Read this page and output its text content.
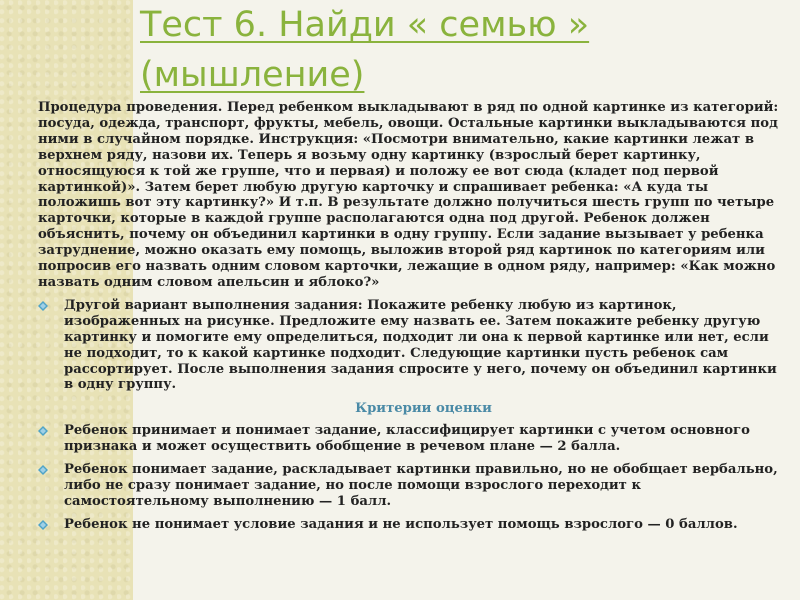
Тест 6. Найди « семью »
(мышление)

Процедура проведения. Перед ребенком выкладывают в ряд по одной картинке из категорий: посуда, одежда, транспорт, фрукты, мебель, овощи. Остальные картинки выкладываются под ними в случайном порядке. Инструкция: «Посмотри внимательно, какие картинки лежат в верхнем ряду, назови их. Теперь я возьму одну картинку (взрослый берет картинку, относящуюся к той же группе, что и первая) и положу ее вот сюда (кладет под первой картинкой)». Затем берет любую другую карточку и спрашивает ребенка: «А куда ты положишь вот эту картинку?» И т.п. В результате должно получиться шесть групп по четыре карточки, которые в каждой группе располагаются одна под другой. Ребенок должен объяснить, почему он объединил картинки в одну группу. Если задание вызывает у ребенка затруднение, можно оказать ему помощь, выложив второй ряд картинок по категориям или попросив его назвать одним словом карточки, лежащие в одном ряду, например: «Как можно назвать одним словом апельсин и яблоко?»

Другой вариант выполнения задания: Покажите ребенку любую из картинок, изображенных на рисунке. Предложите ему назвать ее. Затем покажите ребенку другую картинку и помогите ему определиться, подходит ли она к первой картинке или нет, если не подходит, то к какой картинке подходит. Следующие картинки пусть ребенок сам рассортирует. После выполнения задания спросите у него, почему он объединил картинки в одну группу.
Критерии оценки
Ребенок принимает и понимает задание, классифицирует картинки с учетом основного признака и может осуществить обобщение в речевом плане — 2 балла.
Ребенок понимает задание, раскладывает картинки правильно, но не обобщает вербально, либо не сразу понимает задание, но после помощи взрослого переходит к самостоятельному выполнению — 1 балл.
Ребенок не понимает условие задания и не использует помощь взрослого — 0 баллов.
